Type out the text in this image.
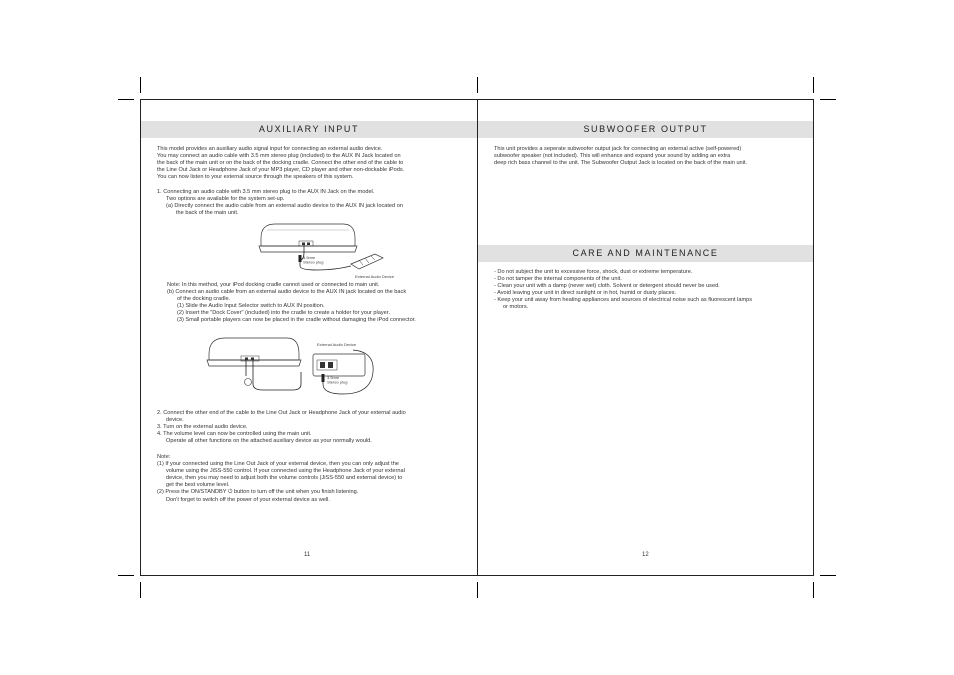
AUXILIARY INPUT
This model provides an auxiliary audio signal input for connecting an external audio device.
You may connect an audio cable with 3.5 mm stereo plug (included) to the AUX IN Jack located on
the back of the main unit or on the back of the docking cradle. Connect the other end of the cable to
the Line Out Jack or Headphone Jack of your MP3 player, CD player and other non-dockable iPods.
You can now listen to your external source through the speakers of this system.
1. Connecting an audio cable with 3.5 mm stereo plug to the AUX IN Jack on the model.
Two options are available for the system set-up.
(a) Directly connect the audio cable from an external audio device to the AUX IN jack located on
the back of the main unit.
3.5mm
Stereo plug
External Audio Device
Note: In this method, your iPod docking cradle cannot used or connected to main unit.
(b) Connect an audio cable from an external audio device to the AUX IN jack located on the back
of the docking cradle.
(1) Slide the Audio Input Selector switch to AUX IN position.
(2) Insert the "Dock Cover" (included) into the cradle to create a holder for your player.
(3) Small portable players can now be placed in the cradle without damaging the iPod connector.
External Audio Device
3.5mm
Stereo plug
2. Connect the other end of the cable to the Line Out Jack or Headphone Jack of your external audio
device.
3. Turn on the external audio device.
4. The volume level can now be controlled using the main unit.
Operate all other functions on the attached auxiliary device as your normally would.
Note:
(1) If your connected using the Line Out Jack of your external device, then you can only adjust the
volume using the JiSS-550 control. If your connected using the Headphone Jack of your external
device, then you may need to adjust both the volume controls (JiSS-550 and external device) to
get the best volume level.
(2) Press the ON/STANDBY ⏻ button to turn off the unit when you finish listening.
Don't forget to switch off the power of your external device as well.
11
SUBWOOFER OUTPUT
This unit provides a seperate subwoofer output jack for connecting an external active (self-powered)
subwoofer speaker (not included). This will enhance and expand your sound by adding an extra
deep rich bass channel to the unit. The Subwoofer Output Jack is located on the back of the main unit.
CARE AND MAINTENANCE
- Do not subject the unit to excessive force, shock, dust or extreme temperature.
- Do not tamper the internal components of the unit.
- Clean your unit with a damp (never wet) cloth. Solvent or detergent should never be used.
- Avoid leaving your unit in direct sunlight or in hot, humid or dusty places.
- Keep your unit away from heating appliances and sources of electrical noise such as fluorescent lamps
or motors.
12
